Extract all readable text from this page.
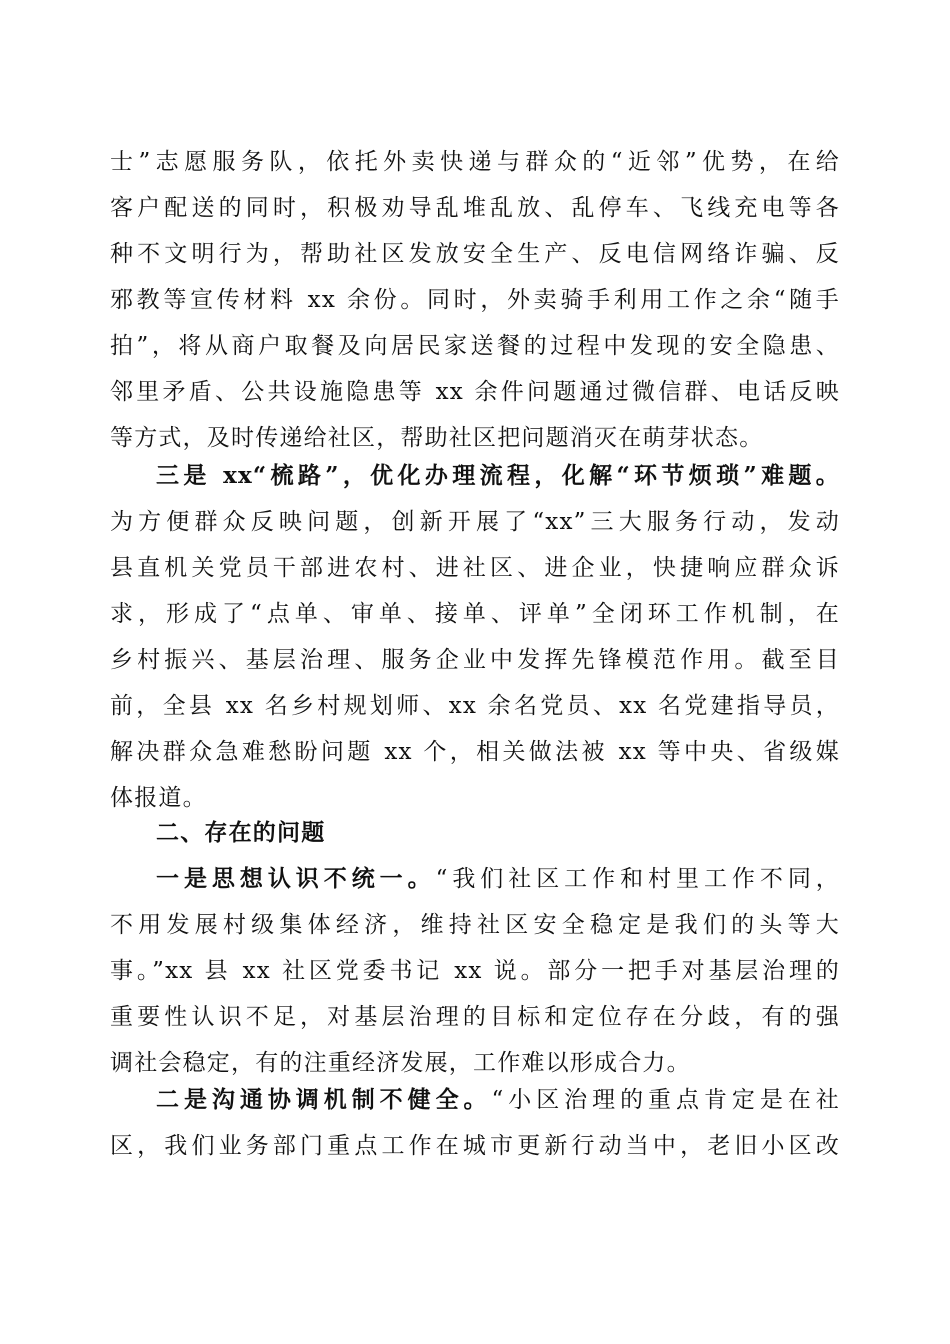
士”志愿服务队，依托外卖快递与群众的“近邻”优势，在给
客户配送的同时，积极劝导乱堆乱放、乱停车、飞线充电等各
种不文明行为，帮助社区发放安全生产、反电信网络诈骗、反
邪教等宣传材料 xx 余份。同时，外卖骑手利用工作之余“随手
拍”，将从商户取餐及向居民家送餐的过程中发现的安全隐患、
邻里矛盾、公共设施隐患等 xx 余件问题通过微信群、电话反映
等方式，及时传递给社区，帮助社区把问题消灭在萌芽状态。
三是 xx“梳路”，优化办理流程，化解“环节烦琐”难题。
为方便群众反映问题，创新开展了“xx”三大服务行动，发动
县直机关党员干部进农村、进社区、进企业，快捷响应群众诉
求，形成了“点单、审单、接单、评单”全闭环工作机制，在
乡村振兴、基层治理、服务企业中发挥先锋模范作用。截至目
前，全县 xx 名乡村规划师、xx 余名党员、xx 名党建指导员，
解决群众急难愁盼问题 xx 个，相关做法被 xx 等中央、省级媒
体报道。
二、存在的问题
一是思想认识不统一。“我们社区工作和村里工作不同，
不用发展村级集体经济，维持社区安全稳定是我们的头等大
事。”xx 县 xx 社区党委书记 xx 说。部分一把手对基层治理的
重要性认识不足，对基层治理的目标和定位存在分歧，有的强
调社会稳定，有的注重经济发展，工作难以形成合力。
二是沟通协调机制不健全。“小区治理的重点肯定是在社
区，我们业务部门重点工作在城市更新行动当中，老旧小区改
